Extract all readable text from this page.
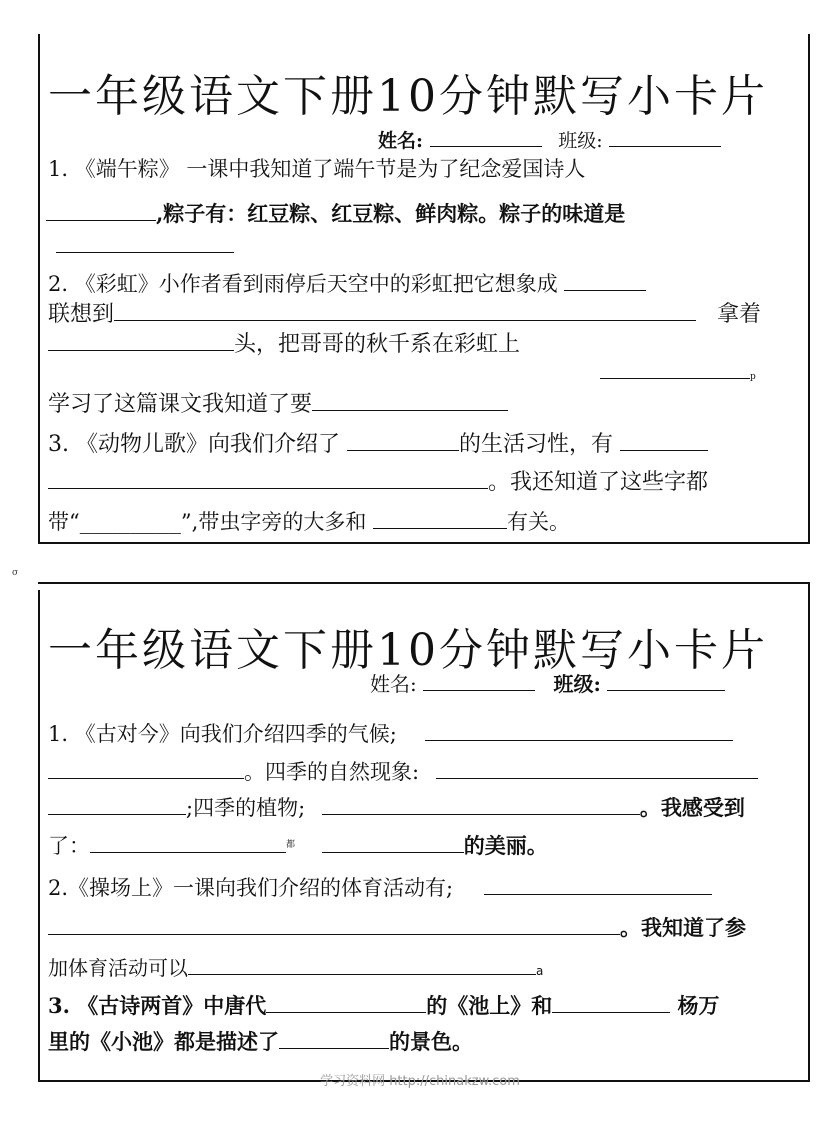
一年级语文下册10分钟默写小卡片
姓名:	班级:
1. 《端午粽》 一课中我知道了端午节是为了纪念爱国诗人
,粽子有：红豆粽、红豆粽、鲜肉粽。粽子的味道是
2. 《彩虹》小作者看到雨停后天空中的彩虹把它想象成
联想到	拿着
头，把哥哥的秋千系在彩虹上
p
学习了这篇课文我知道了要
3. 《动物儿歌》向我们介绍了	的生活习性，有
。我还知道了这些字都
带“________”,带虫字旁的大多和	有关。
σ
一年级语文下册10分钟默写小卡片
姓名:	班级:
1. 《古对今》向我们介绍四季的气候;
。四季的自然现象:
;四季的植物;	。我感受到
了：	$^都$	的美丽。
2.《操场上》一课向我们介绍的体育活动有;
。我知道了参
加体育活动可以	a
3. 《古诗两首》中唐代	的《池上》和	杨万
里的《小池》都是描述了	的景色。
学习资料网 http://chinakzw.com
